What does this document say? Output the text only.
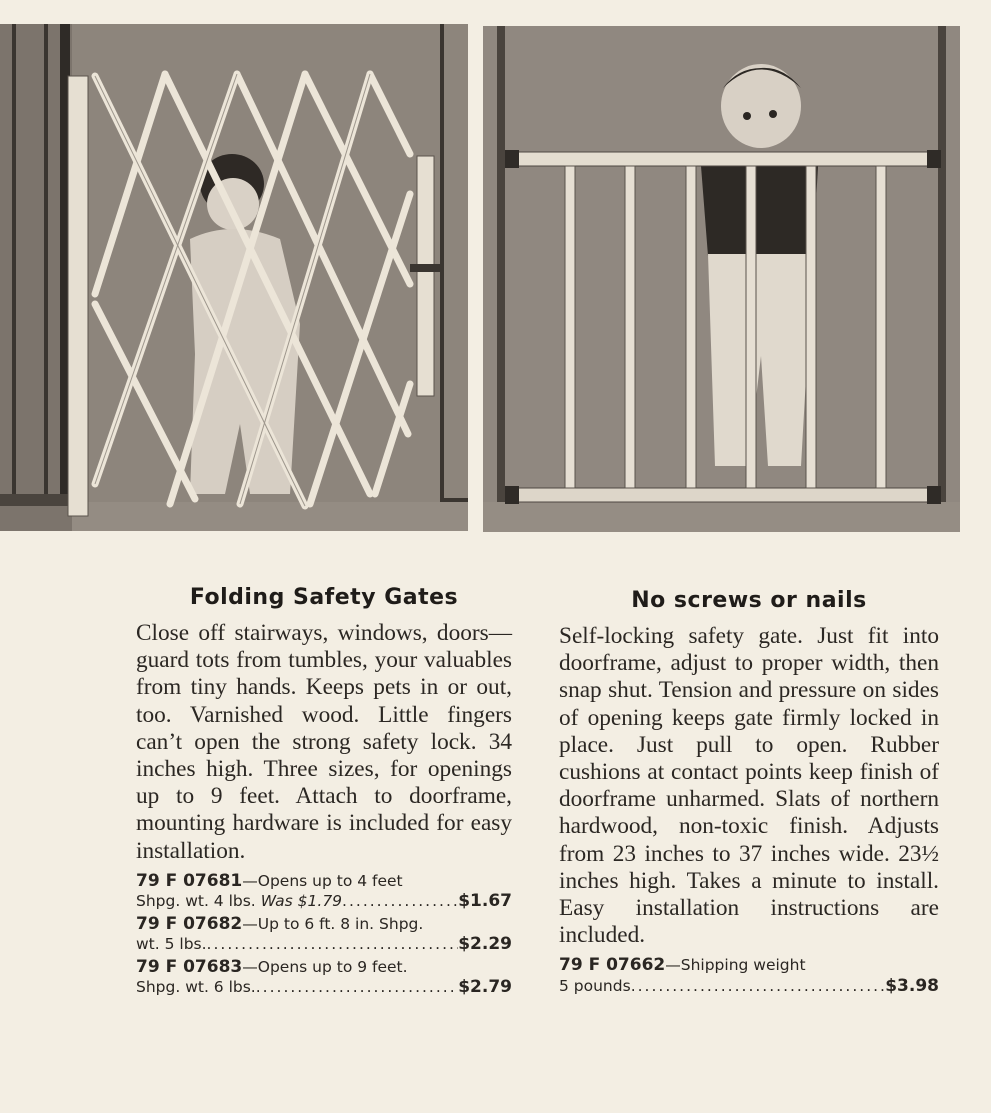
Folding Safety Gates

Close off stairways, windows, doors—guard tots from tumbles, your valuables from tiny hands. Keeps pets in or out, too. Varnished wood. Little fingers can’t open the strong safety lock. 34 inches high. Three sizes, for openings up to 9 feet. Attach to doorframe, mounting hardware is included for easy installation.

79 F 07681 —Opens up to 4 feet
Shpg. wt. 4 lbs.
Was $1.79 .....	$1.67
79 F 07682 —Up to 6 ft. 8 in. Shpg.
wt. 5 lbs. .....	$2.29
79 F 07683 —Opens up to 9 feet.
Shpg. wt. 6 lbs. .....	$2.79
No screws or nails

Self-locking safety gate. Just fit into doorframe, adjust to proper width, then snap shut. Tension and pressure on sides of opening keeps gate firmly locked in place. Just pull to open. Rubber cushions at contact points keep finish of doorframe unharmed. Slats of northern hardwood, non-toxic finish. Adjusts from 23 inches to 37 inches wide. 23½ inches high. Takes a minute to install. Easy installation instructions are included.

79 F 07662 —Shipping weight
5 pounds .....	$3.98
